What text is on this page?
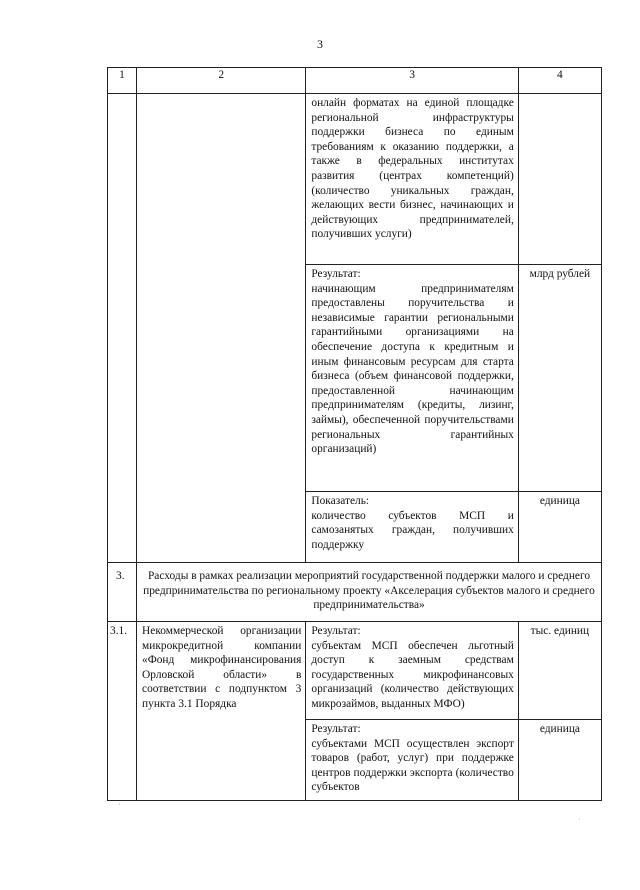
3
1	2	3	4

		онлайн форматах на единой площадке региональной инфраструктуры поддержки бизнеса по единым требованиям к оказанию поддержки, а также в федеральных институтах развития (центрах компетенций) (количество уникальных граждан, желающих вести бизнес, начинающих и действующих предпринимателей, получивших услуги)	

		Результат:
начинающим предпринимателям предоставлены поручительства и независимые гарантии региональными гарантийными организациями на обеспечение доступа к кредитным и иным финансовым ресурсам для старта бизнеса (объем финансовой поддержки, предоставленной начинающим предпринимателям (кредиты, лизинг, займы), обеспеченной поручительствами региональных гарантийных организаций)	млрд рублей

		Показатель:
количество субъектов МСП и самозанятых граждан, получивших поддержку	единица

3.	Расходы в рамках реализации мероприятий государственной поддержки малого и среднего предпринимательства по региональному проекту «Акселерация субъектов малого и среднего предпринимательства»		

3.1.	Некоммерческой организации микрокредитной компании «Фонд микрофинансирования Орловской области» в соответствии с подпунктом 3 пункта 3.1 Порядка	Результат:
субъектам МСП обеспечен льготный доступ к заемным средствам государственных микрофинансовых организаций (количество действующих микрозаймов, выданных МФО)	тыс. единиц

		Результат:
субъектами МСП осуществлен экспорт товаров (работ, услуг) при поддержке центров поддержки экспорта (количество субъектов	единица
·
·
